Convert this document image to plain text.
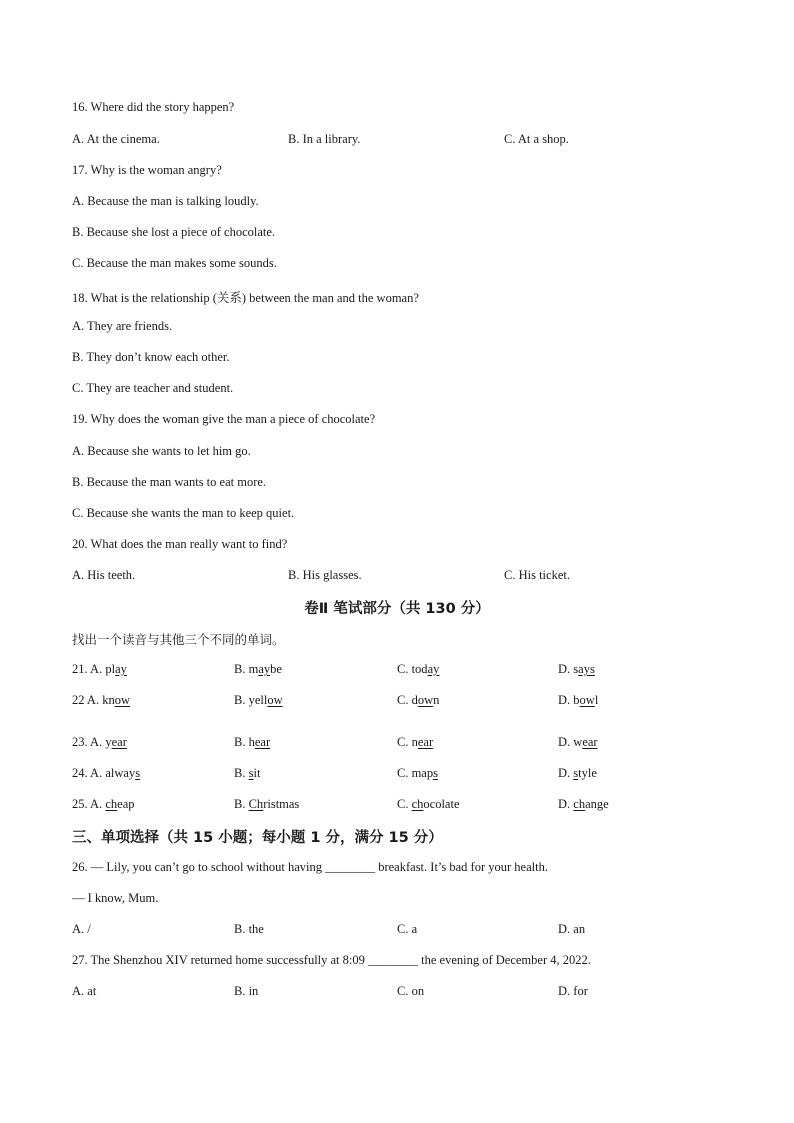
16. Where did the story happen?
A. At the cinema.	B. In a library.	C. At a shop.
17. Why is the woman angry?
A. Because the man is talking loudly.
B. Because she lost a piece of chocolate.
C. Because the man makes some sounds.
18. What is the relationship (关系) between the man and the woman?
A. They are friends.
B. They don’t know each other.
C. They are teacher and student.
19. Why does the woman give the man a piece of chocolate?
A. Because she wants to let him go.
B. Because the man wants to eat more.
C. Because she wants the man to keep quiet.
20. What does the man really want to find?
A. His teeth.	B. His glasses.	C. His ticket.
卷Ⅱ 笔试部分（共 130 分）
找出一个读音与其他三个不同的单词。
21. A. play	B. maybe	C. today	D. says
22 A. know	B. yellow	C. down	D. bowl
23. A. year	B. hear	C. near	D. wear
24. A. always	B. sit	C. maps	D. style
25. A. cheap	B. Christmas	C. chocolate	D. change
三、单项选择（共 15 小题；每小题 1 分，满分 15 分）
26. — Lily, you can’t go to school without having ________ breakfast. It’s bad for your health.
— I know, Mum.
A. /	B. the	C. a	D. an
27. The Shenzhou XIV returned home successfully at 8:09 ________ the evening of December 4, 2022.
A. at	B. in	C. on	D. for
